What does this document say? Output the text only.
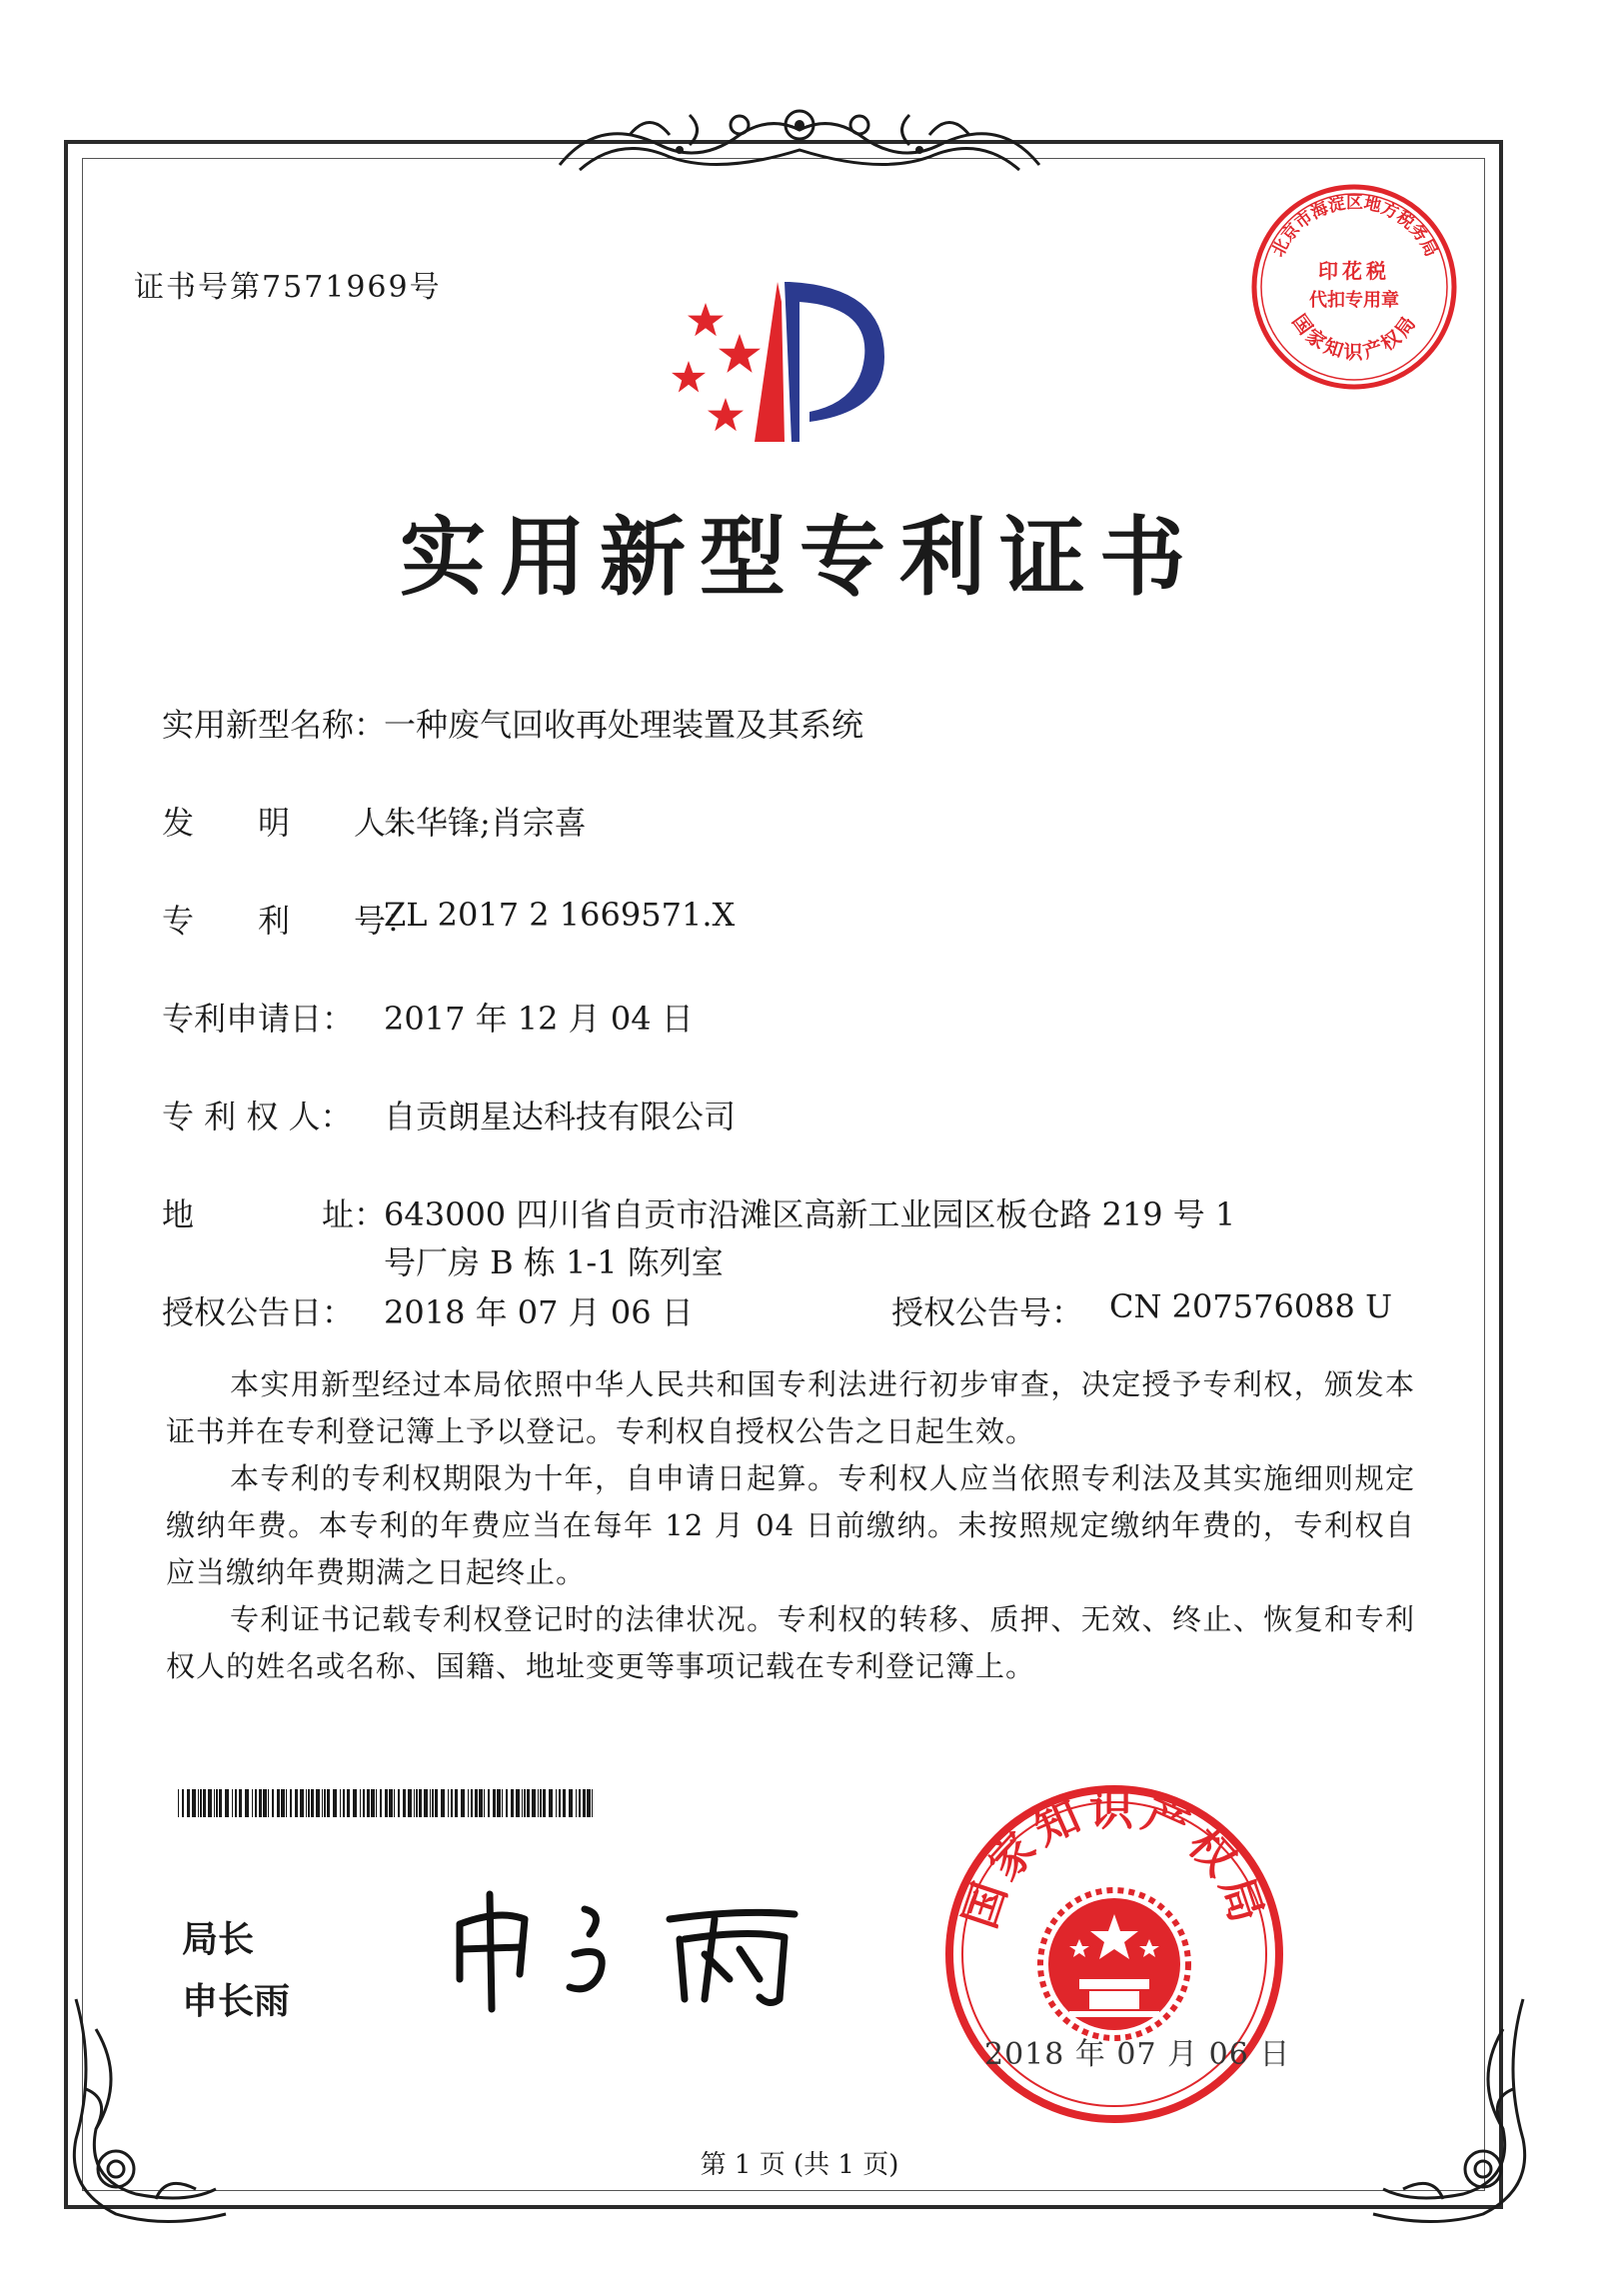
证书号第7571969号
实用新型专利证书
实用新型名称：
一种废气回收再处理装置及其系统
发　　明　　人：
朱华锋;肖宗喜
专　　利　　号：
ZL 2017 2 1669571.X
专利申请日： 2017 年 12 月 04 日
专 利 权 人： 自贡朗星达科技有限公司
地　　　　址：
643000 四川省自贡市沿滩区高新工业园区板仓路 219 号 1
号厂房 B 栋 1-1 陈列室
授权公告日： 2018 年 07 月 06 日	授权公告号： CN 207576088 U

本实用新型经过本局依照中华人民共和国专利法进行初步审查，决定授予专利权，颁发本证书并在专利登记簿上予以登记。专利权自授权公告之日起生效。

本专利的专利权期限为十年，自申请日起算。专利权人应当依照专利法及其实施细则规定缴纳年费。本专利的年费应当在每年 12 月 04 日前缴纳。未按照规定缴纳年费的，专利权自应当缴纳年费期满之日起终止。

专利证书记载专利权登记时的法律状况。专利权的转移、质押、无效、终止、恢复和专利权人的姓名或名称、国籍、地址变更等事项记载在专利登记簿上。

局长
申长雨
国家知识产权局
2018 年 07 月 06 日
北京市海淀区地方税务局
印花税
代扣专用章
国家知识产权局
第 1 页 (共 1 页)
